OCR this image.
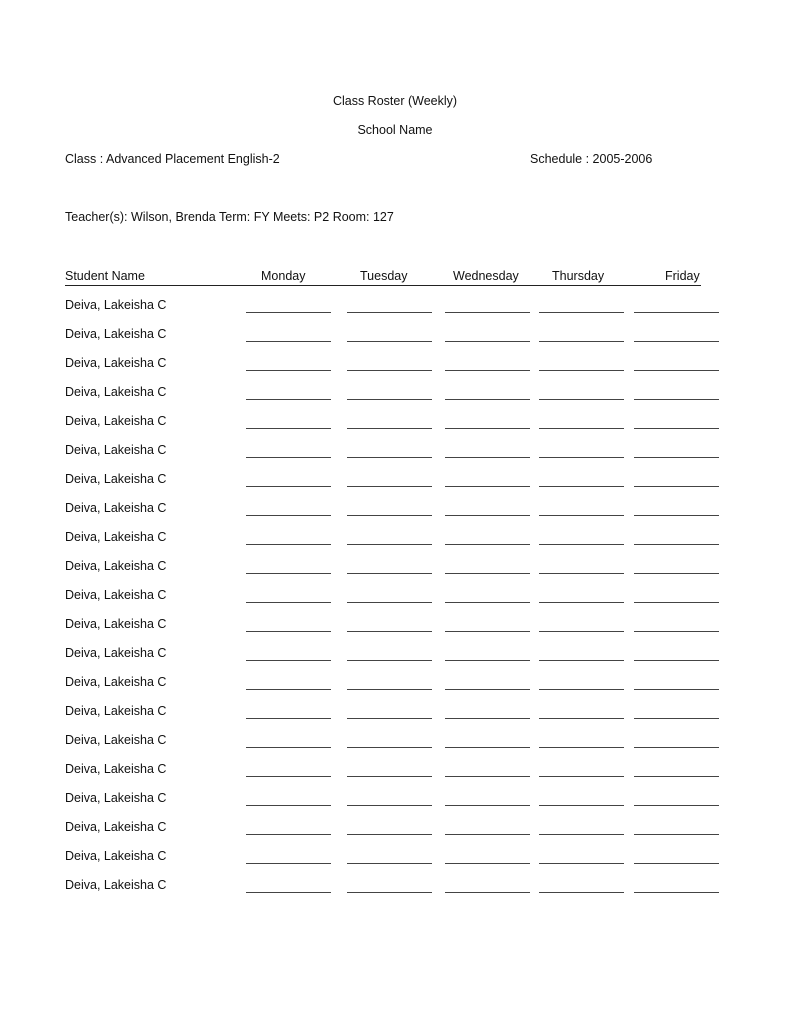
Class Roster (Weekly)
School Name
Class : Advanced Placement English-2	Schedule : 2005-2006
Teacher(s): Wilson, Brenda Term: FY Meets: P2 Room: 127
Student Name	Monday	Tuesday	Wednesday	Thursday	Friday
Deiva, Lakeisha C
Deiva, Lakeisha C
Deiva, Lakeisha C
Deiva, Lakeisha C
Deiva, Lakeisha C
Deiva, Lakeisha C
Deiva, Lakeisha C
Deiva, Lakeisha C
Deiva, Lakeisha C
Deiva, Lakeisha C
Deiva, Lakeisha C
Deiva, Lakeisha C
Deiva, Lakeisha C
Deiva, Lakeisha C
Deiva, Lakeisha C
Deiva, Lakeisha C
Deiva, Lakeisha C
Deiva, Lakeisha C
Deiva, Lakeisha C
Deiva, Lakeisha C
Deiva, Lakeisha C
